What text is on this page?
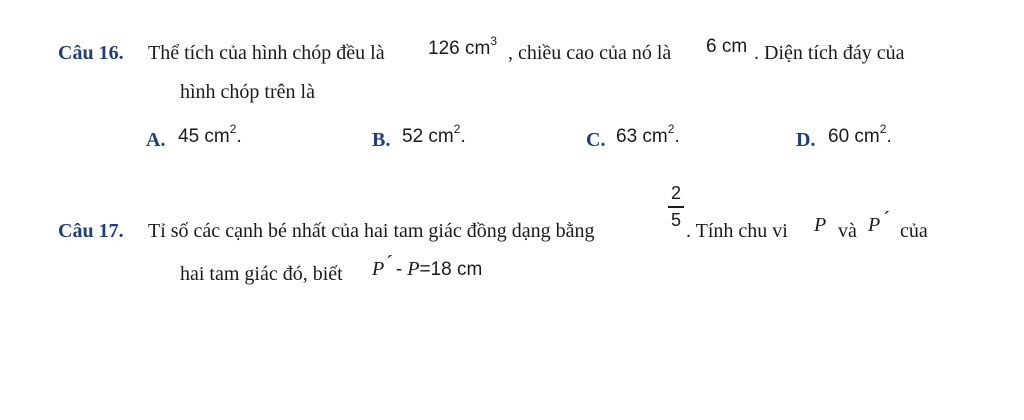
Câu 16. Thể tích của hình chóp đều là 126 $cm^3$
, chiều cao của nó là 6 cm . Diện tích đáy của
hình chóp trên là
A. 45 $cm^2$.	B. 52 $cm^2$.	C. 63 $cm^2$.	D. 60 $cm^2$.
Câu 17. Tỉ số các cạnh bé nhất của hai tam giác đồng dạng bằng
2
5
. Tính chu vi P và P ´
của
hai tam giác đó, biết P ´ - P=18 cm
